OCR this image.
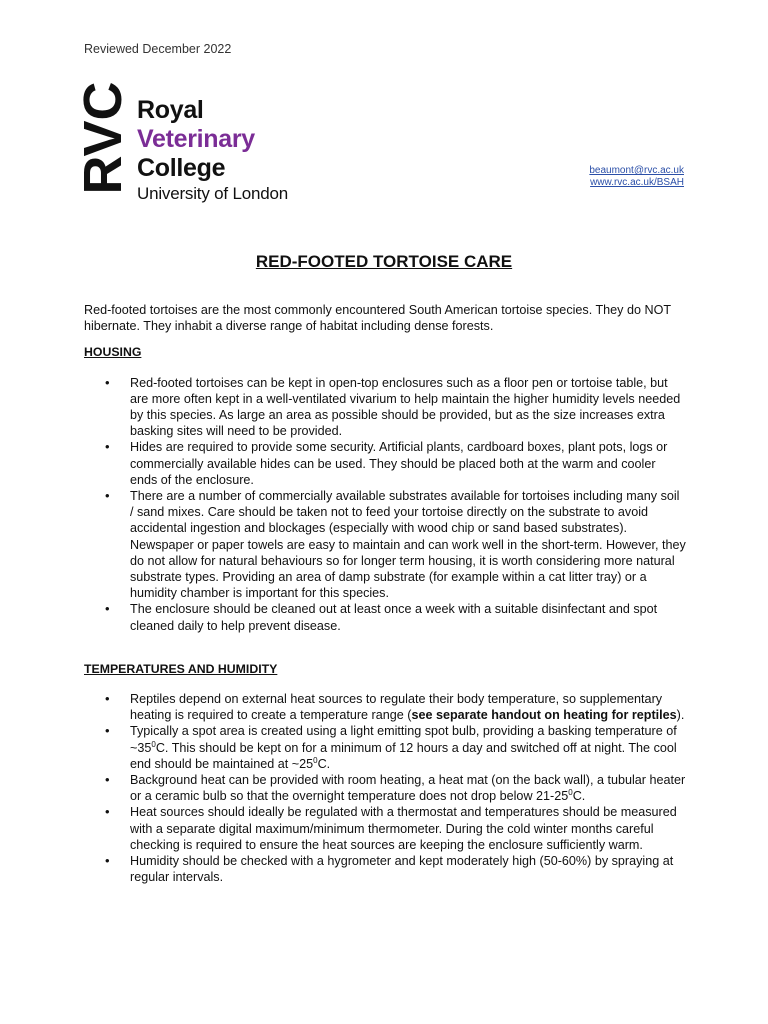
Reviewed December 2022
RVC Royal
Veterinary
College
University of London
beaumont@rvc.ac.uk
www.rvc.ac.uk/BSAH
RED-FOOTED TORTOISE CARE

Red-footed tortoises are the most commonly encountered South American tortoise species. They do NOT hibernate. They inhabit a diverse range of habitat including dense forests.

HOUSING
• Red-footed tortoises can be kept in open-top enclosures such as a floor pen or tortoise table, but are more often kept in a well-ventilated vivarium to help maintain the higher humidity levels needed by this species. As large an area as possible should be provided, but as the size increases extra basking sites will need to be provided.
• Hides are required to provide some security. Artificial plants, cardboard boxes, plant pots, logs or commercially available hides can be used. They should be placed both at the warm and cooler ends of the enclosure.
• There are a number of commercially available substrates available for tortoises including many soil / sand mixes. Care should be taken not to feed your tortoise directly on the substrate to avoid accidental ingestion and blockages (especially with wood chip or sand based substrates). Newspaper or paper towels are easy to maintain and can work well in the short-term. However, they do not allow for natural behaviours so for longer term housing, it is worth considering more natural substrate types. Providing an area of damp substrate (for example within a cat litter tray) or a humidity chamber is important for this species.
• The enclosure should be cleaned out at least once a week with a suitable disinfectant and spot cleaned daily to help prevent disease.
TEMPERATURES AND HUMIDITY
• Reptiles depend on external heat sources to regulate their body temperature, so supplementary heating is required to create a temperature range (see separate handout on heating for reptiles).
• Typically a spot area is created using a light emitting spot bulb, providing a basking temperature of $\sim 35^0C$. This should be kept on for a minimum of 12 hours a day and switched off at night. The cool end should be maintained at $\sim 25^0C$.
• Background heat can be provided with room heating, a heat mat (on the back wall), a tubular heater or a ceramic bulb so that the overnight temperature does not drop below $21-25^0C$.
• Heat sources should ideally be regulated with a thermostat and temperatures should be measured with a separate digital maximum/minimum thermometer. During the cold winter months careful checking is required to ensure the heat sources are keeping the enclosure sufficiently warm.
• Humidity should be checked with a hygrometer and kept moderately high (50-60%) by spraying at regular intervals.
